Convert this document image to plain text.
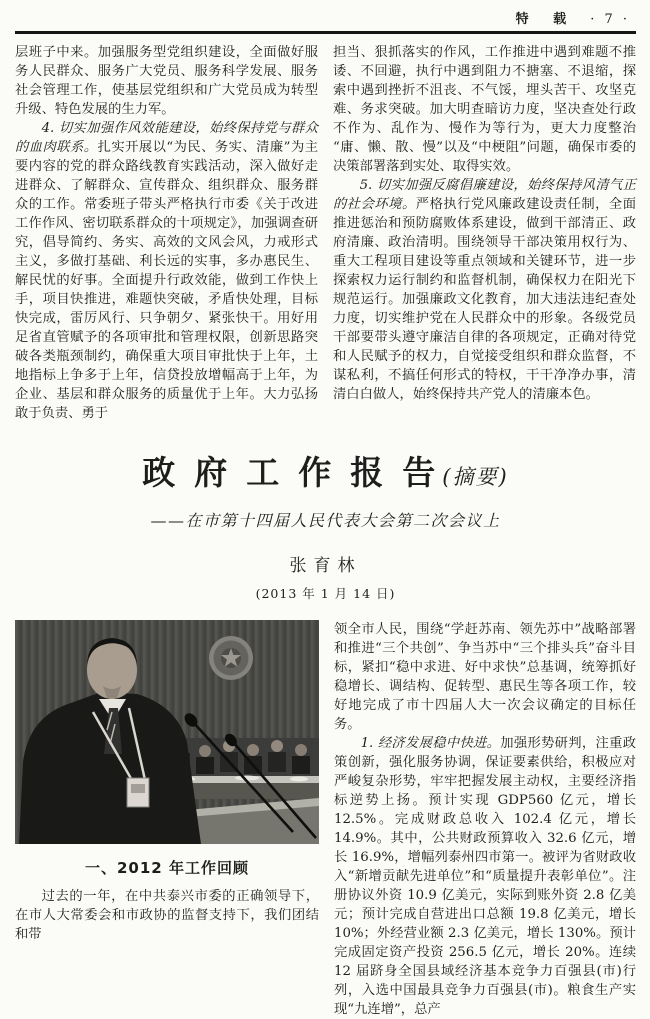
特 载 · 7 ·

层班子中来。加强服务型党组织建设，全面做好服务人民群众、服务广大党员、服务科学发展、服务社会管理工作，使基层党组织和广大党员成为转型升级、特色发展的生力军。

4. 切实加强作风效能建设，始终保持党与群众的血肉联系。扎实开展以“为民、务实、清廉”为主要内容的党的群众路线教育实践活动，深入做好走进群众、了解群众、宣传群众、组织群众、服务群众的工作。常委班子带头严格执行市委《关于改进工作作风、密切联系群众的十项规定》，加强调查研究，倡导简约、务实、高效的文风会风，力戒形式主义，多做打基础、利长远的实事，多办惠民生、解民忧的好事。全面提升行政效能，做到工作快上手，项目快推进，难题快突破，矛盾快处理，目标快完成，雷厉风行、只争朝夕、紧张快干。用好用足省直管赋予的各项审批和管理权限，创新思路突破各类瓶颈制约，确保重大项目审批快于上年，土地指标上争多于上年，信贷投放增幅高于上年，为企业、基层和群众服务的质量优于上年。大力弘扬敢于负责、勇于

担当、狠抓落实的作风，工作推进中遇到难题不推诿、不回避，执行中遇到阻力不搪塞、不退缩，探索中遇到挫折不沮丧、不气馁，埋头苦干、攻坚克难、务求突破。加大明查暗访力度，坚决查处行政不作为、乱作为、慢作为等行为，更大力度整治“庸、懒、散、慢”以及“中梗阻”问题，确保市委的决策部署落到实处、取得实效。

5. 切实加强反腐倡廉建设，始终保持风清气正的社会环境。严格执行党风廉政建设责任制，全面推进惩治和预防腐败体系建设，做到干部清正、政府清廉、政治清明。围绕领导干部决策用权行为、重大工程项目建设等重点领域和关键环节，进一步探索权力运行制约和监督机制，确保权力在阳光下规范运行。加强廉政文化教育，加大违法违纪查处力度，切实维护党在人民群众中的形象。各级党员干部要带头遵守廉洁自律的各项规定，正确对待党和人民赋予的权力，自觉接受组织和群众监督，不谋私利，不搞任何形式的特权，干干净净办事，清清白白做人，始终保持共产党人的清廉本色。

政府工作报告(摘要)

——在市第十四届人民代表大会第二次会议上

张育林

(2013 年 1 月 14 日)

一、2012 年工作回顾

过去的一年，在中共泰兴市委的正确领导下，在市人大常委会和市政协的监督支持下，我们团结和带

领全市人民，围绕“学赶苏南、领先苏中”战略部署和推进“三个共创”、争当苏中“三个排头兵”奋斗目标，紧扣“稳中求进、好中求快”总基调，统筹抓好稳增长、调结构、促转型、惠民生等各项工作，较好地完成了市十四届人大一次会议确定的目标任务。

1. 经济发展稳中快进。加强形势研判，注重政策创新，强化服务协调，保证要素供给，积极应对严峻复杂形势，牢牢把握发展主动权，主要经济指标逆势上扬。预计实现 GDP560 亿元，增长 12.5%。完成财政总收入 102.4 亿元，增长 14.9%。其中，公共财政预算收入 32.6 亿元，增长 16.9%，增幅列泰州四市第一。被评为省财政收入“新增贡献先进单位”和“质量提升表彰单位”。注册协议外资 10.9 亿美元，实际到账外资 2.8 亿美元；预计完成自营进出口总额 19.8 亿美元，增长 10%；外经营业额 2.3 亿美元，增长 130%。预计完成固定资产投资 256.5 亿元，增长 20%。连续 12 届跻身全国县域经济基本竞争力百强县(市)行列，入选中国最具竞争力百强县(市)。粮食生产实现“九连增”，总产
